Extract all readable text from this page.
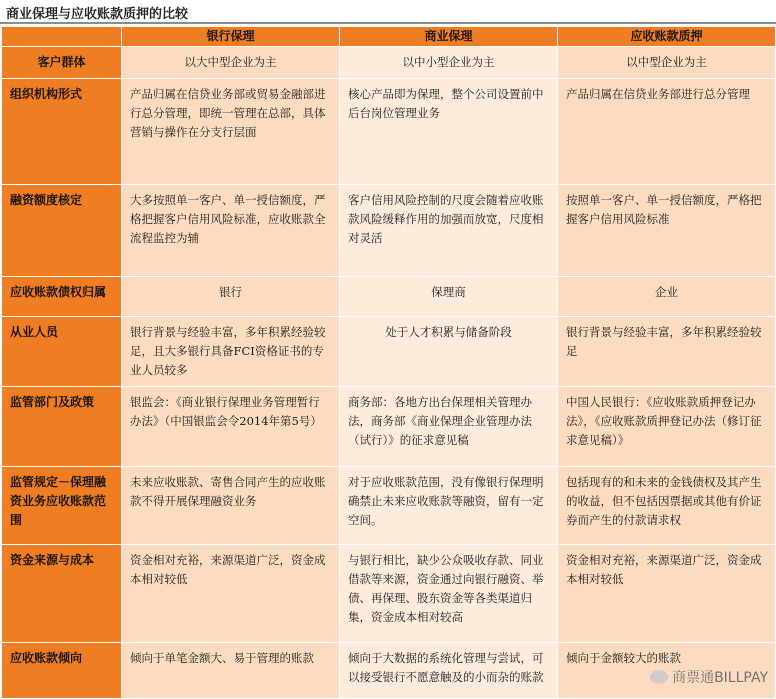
商业保理与应收账款质押的比较
	银行保理	商业保理	应收账款质押
客户群体	以大中型企业为主	以中小型企业为主	以中型企业为主
组织机构形式	产品归属在信贷业务部或贸易金融部进行总分管理，即统一管理在总部，具体营销与操作在分支行层面	核心产品即为保理，整个公司设置前中后台岗位管理业务	产品归属在信贷业务部进行总分管理
融资额度核定	大多按照单一客户、单一授信额度，严格把握客户信用风险标准，应收账款全流程监控为辅	客户信用风险控制的尺度会随着应收账款风险缓释作用的加强而放宽，尺度相对灵活	按照单一客户、单一授信额度，严格把握客户信用风险标准
应收账款债权归属	银行	保理商	企业
从业人员	银行背景与经验丰富，多年积累经验较足，且大多银行具备FCI资格证书的专业人员较多	处于人才积累与储备阶段	银行背景与经验丰富，多年积累经验较足
监管部门及政策	银监会：《商业银行保理业务管理暂行办法》（中国银监会令2014年第5号）	商务部：各地方出台保理相关管理办法，商务部《商业保理企业管理办法（试行）》的征求意见稿	中国人民银行：《应收账款质押登记办法》，《应收账款质押登记办法（修订征求意见稿）》
监管规定－保理融资业务应收账款范围	未来应收账款、寄售合同产生的应收账款不得开展保理融资业务	对于应收账款范围，没有像银行保理明确禁止未来应收账款等融资，留有一定空间。	包括现有的和未来的金钱债权及其产生的收益，但不包括因票据或其他有价证券而产生的付款请求权
资金来源与成本	资金相对充裕，来源渠道广泛，资金成本相对较低	与银行相比，缺少公众吸收存款、同业借款等来源，资金通过向银行融资、举债、再保理、股东资金等各类渠道归集，资金成本相对较高	资金相对充裕，来源渠道广泛，资金成本相对较低
应收账款倾向	倾向于单笔金额大、易于管理的账款	倾向于大数据的系统化管理与尝试，可以接受银行不愿意触及的小而杂的账款	倾向于金额较大的账款
商票通BILLPAY
